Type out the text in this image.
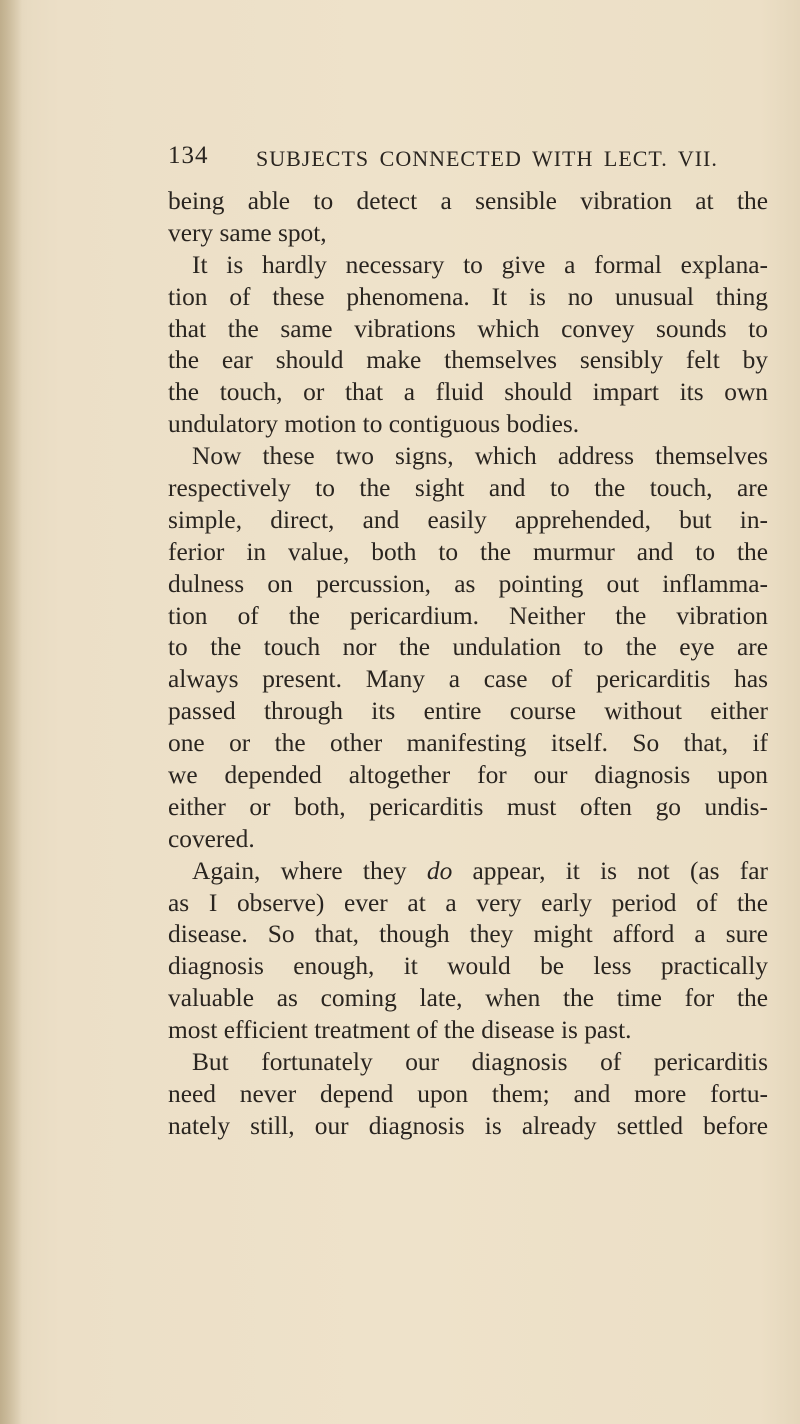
134 SUBJECTS CONNECTED WITH LECT. VII.
being able to detect a sensible vibration at the
very same spot,
It is hardly necessary to give a formal explana-
tion of these phenomena. It is no unusual thing
that the same vibrations which convey sounds to
the ear should make themselves sensibly felt by
the touch, or that a fluid should impart its own
undulatory motion to contiguous bodies.
Now these two signs, which address themselves
respectively to the sight and to the touch, are
simple, direct, and easily apprehended, but in-
ferior in value, both to the murmur and to the
dulness on percussion, as pointing out inflamma-
tion of the pericardium. Neither the vibration
to the touch nor the undulation to the eye are
always present. Many a case of pericarditis has
passed through its entire course without either
one or the other manifesting itself. So that, if
we depended altogether for our diagnosis upon
either or both, pericarditis must often go undis-
covered.
Again, where they do appear, it is not (as far
as I observe) ever at a very early period of the
disease. So that, though they might afford a sure
diagnosis enough, it would be less practically
valuable as coming late, when the time for the
most efficient treatment of the disease is past.
But fortunately our diagnosis of pericarditis
need never depend upon them; and more fortu-
nately still, our diagnosis is already settled before
